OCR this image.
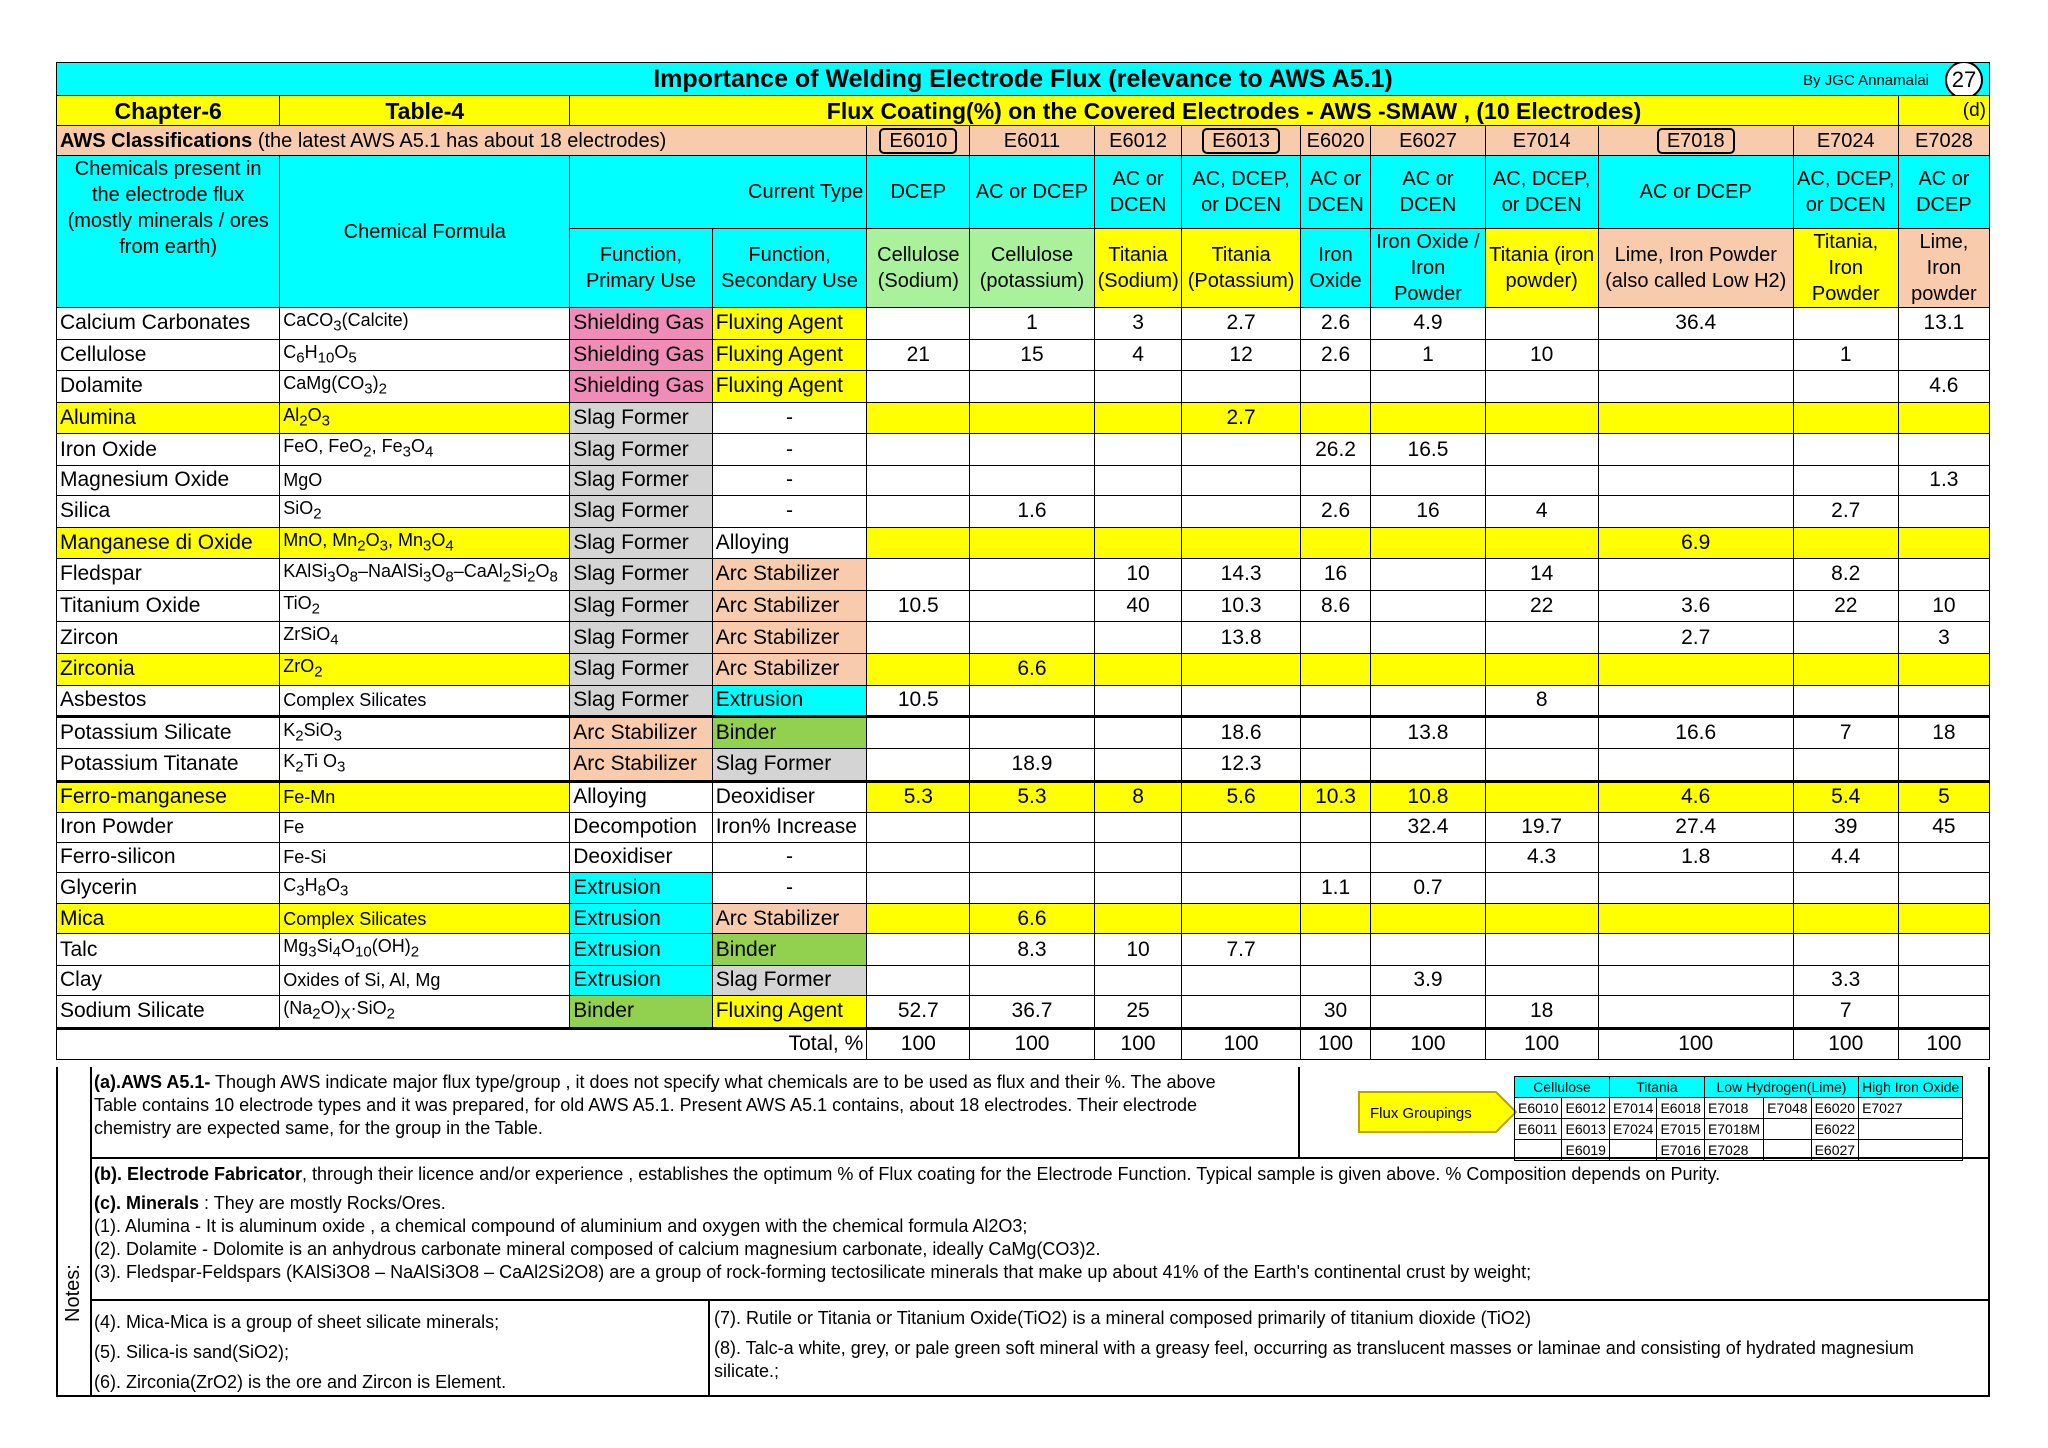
Importance of Welding Electrode Flux (relevance to AWS A5.1) By JGC Annamalai 27													

Chapter-6	Table-4	Flux Coating(%) on the Covered Electrodes - AWS -SMAW , (10 Electrodes)											(d)
AWS Classifications (the latest AWS A5.1 has about 18 electrodes)				E6010	E6011	E6012	E6013	E6020	E6027	E7014	E7018	E7024	E7028
Chemicals present in the electrode flux (mostly minerals / ores from earth)	Chemical Formula	Current Type		DCEP	AC or DCEP	AC or DCEN	AC, DCEP, or DCEN	AC or DCEN	AC or DCEN	AC, DCEP, or DCEN	AC or DCEP	AC, DCEP, or DCEN	AC or DCEP
		Function, Primary Use	Function, Secondary Use	Cellulose (Sodium)	Cellulose (potassium)	Titania (Sodium)	Titania (Potassium)	Iron Oxide	Iron Oxide / Iron Powder	Titania (iron powder)	Lime, Iron Powder (also called Low H2)	Titania, Iron Powder	Lime, Iron powder
Calcium Carbonates	CaCO$_3$(Calcite)	Shielding Gas	Fluxing Agent		1	3	2.7	2.6	4.9		36.4		13.1
Cellulose	$C_6H_{10}O_5$	Shielding Gas	Fluxing Agent	21	15	4	12	2.6	1	10		1	
Dolamite	$CaMg(CO_3)_2$	Shielding Gas	Fluxing Agent										4.6
Alumina	$Al_2O_3$	Slag Former	-				2.7						
Iron Oxide	FeO, FeO$_2$, $Fe_3O_4$	Slag Former	-					26.2	16.5				
Magnesium Oxide	MgO	Slag Former	-										1.3
Silica	SiO$_2$	Slag Former	-		1.6			2.6	16	4		2.7	
Manganese di Oxide	MnO, $Mn_2O_3$, $Mn_3O_4$	Slag Former	Alloying								6.9		
Fledspar	$KAlSi_3O_8-NaAlSi_3O_8-CaAl_2Si_2O_8$	Slag Former	Arc Stabilizer			10	14.3	16		14		8.2	
Titanium Oxide	TiO$_2$	Slag Former	Arc Stabilizer	10.5		40	10.3	8.6		22	3.6	22	10
Zircon	ZrSiO$_4$	Slag Former	Arc Stabilizer				13.8				2.7		3
Zirconia	ZrO$_2$	Slag Former	Arc Stabilizer		6.6								
Asbestos	Complex Silicates	Slag Former	Extrusion	10.5						8			
Potassium Silicate	$K_2SiO_3$	Arc Stabilizer	Binder				18.6		13.8		16.6	7	18
Potassium Titanate	$K_2Ti$ $O_3$	Arc Stabilizer	Slag Former		18.9		12.3						
Ferro-manganese	Fe-Mn	Alloying	Deoxidiser	5.3	5.3	8	5.6	10.3	10.8		4.6	5.4	5
Iron Powder	Fe	Decompotion	Iron% Increase						32.4	19.7	27.4	39	45
Ferro-silicon	Fe-Si	Deoxidiser	-							4.3	1.8	4.4	
Glycerin	$C_3H_8O_3$	Extrusion	-					1.1	0.7				
Mica	Complex Silicates	Extrusion	Arc Stabilizer		6.6								
Talc	$Mg_3Si_4O_{10}(OH)_2$	Extrusion	Binder		8.3	10	7.7						
Clay	Oxides of Si, Al, Mg	Extrusion	Slag Former						3.9			3.3	
Sodium Silicate	$(Na_2O)_X\cdot SiO_2$	Binder	Fluxing Agent	52.7	36.7	25		30		18		7	
Total, %				100	100	100	100	100	100	100	100	100	100
Notes:
(a).AWS A5.1- Though AWS indicate major flux type/group , it does not specify what chemicals are to be used as flux and their %. The above
Table contains 10 electrode types and it was prepared, for old AWS A5.1. Present AWS A5.1 contains, about 18 electrodes. Their electrode
chemistry are expected same, for the group in the Table.
Flux Groupings
Cellulose		Titania		Low Hydrogen(Lime)			High Iron Oxide
E6010	E6012	E7014	E6018	E7018	E7048	E6020	E7027
E6011	E6013	E7024	E7015	E7018M		E6022	
	E6019		E7016	E7028		E6027	
(b). Electrode Fabricator, through their licence and/or experience , establishes the optimum % of Flux coating for the Electrode Function. Typical sample is given above. % Composition depends on Purity.
(c). Minerals : They are mostly Rocks/Ores.
(1). Alumina - It is aluminum oxide , a chemical compound of aluminium and oxygen with the chemical formula Al2O3;
(2). Dolamite - Dolomite is an anhydrous carbonate mineral composed of calcium magnesium carbonate, ideally CaMg(CO3)2.
(3). Fledspar-Feldspars (KAlSi3O8 – NaAlSi3O8 – CaAl2Si2O8) are a group of rock-forming tectosilicate minerals that make up about 41% of the Earth's continental crust by weight;
(4). Mica-Mica is a group of sheet silicate minerals;
(5). Silica-is sand(SiO2);
(6). Zirconia(ZrO2) is the ore and Zircon is Element.
(7). Rutile or Titania or Titanium Oxide(TiO2) is a mineral composed primarily of titanium dioxide (TiO2)

(8). Talc-a white, grey, or pale green soft mineral with a greasy feel, occurring as translucent masses or laminae and consisting of hydrated magnesium
silicate.;
